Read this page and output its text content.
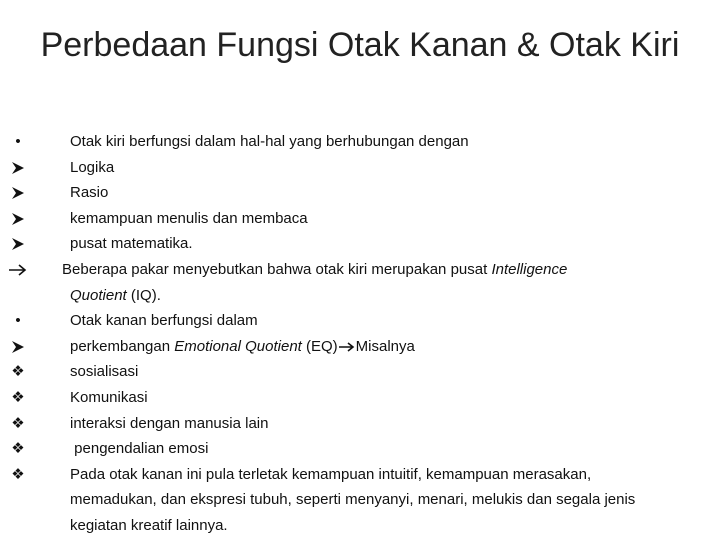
Perbedaan Fungsi Otak Kanan & Otak Kiri
•	Otak kiri berfungsi dalam hal-hal yang berhubungan dengan
Logika
Rasio
kemampuan menulis dan membaca
pusat matematika.
Beberapa pakar menyebutkan bahwa otak kiri merupakan pusat Intelligence
Quotient (IQ).
•	Otak kanan berfungsi dalam
perkembangan Emotional Quotient (EQ) Misalnya
❖	sosialisasi
❖	Komunikasi
❖	interaksi dengan manusia lain
❖	pengendalian emosi
❖	Pada otak kanan ini pula terletak kemampuan intuitif, kemampuan merasakan, memadukan, dan ekspresi tubuh, seperti menyanyi, menari, melukis dan segala jenis kegiatan kreatif lainnya.
